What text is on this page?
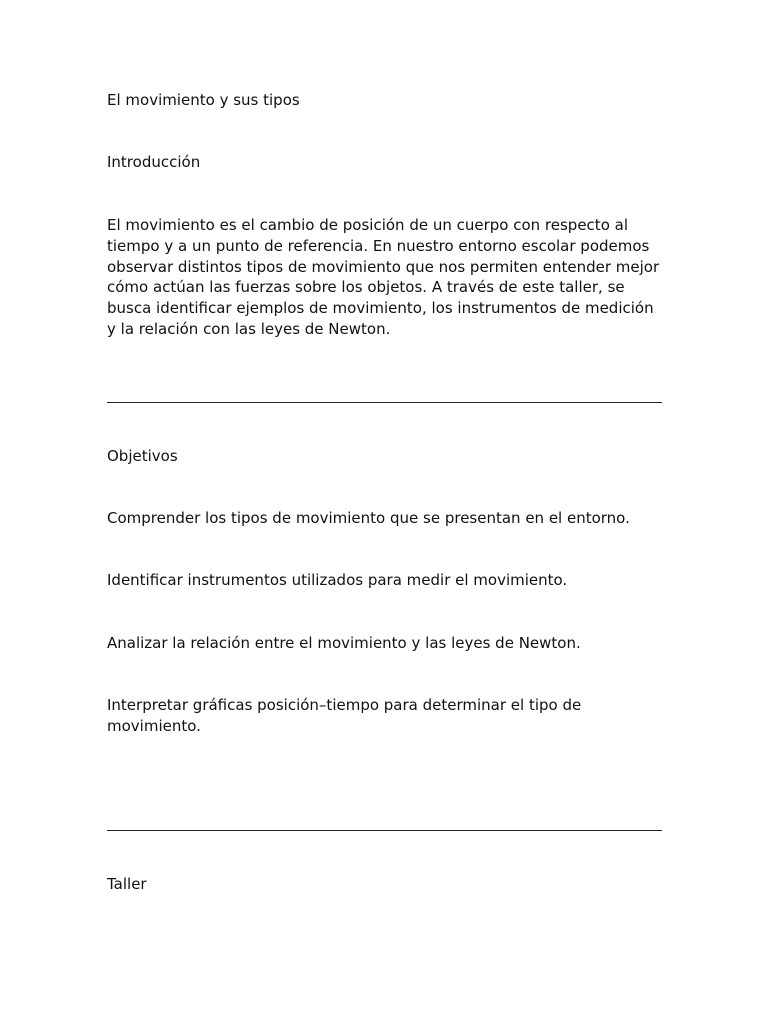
El movimiento y sus tipos

Introducción

El movimiento es el cambio de posición de un cuerpo con respecto al tiempo y a un punto de referencia. En nuestro entorno escolar podemos observar distintos tipos de movimiento que nos permiten entender mejor cómo actúan las fuerzas sobre los objetos. A través de este taller, se busca identificar ejemplos de movimiento, los instrumentos de medición y la relación con las leyes de Newton.

Objetivos

Comprender los tipos de movimiento que se presentan en el entorno.

Identificar instrumentos utilizados para medir el movimiento.

Analizar la relación entre el movimiento y las leyes de Newton.

Interpretar gráficas posición–tiempo para determinar el tipo de movimiento.

Taller
